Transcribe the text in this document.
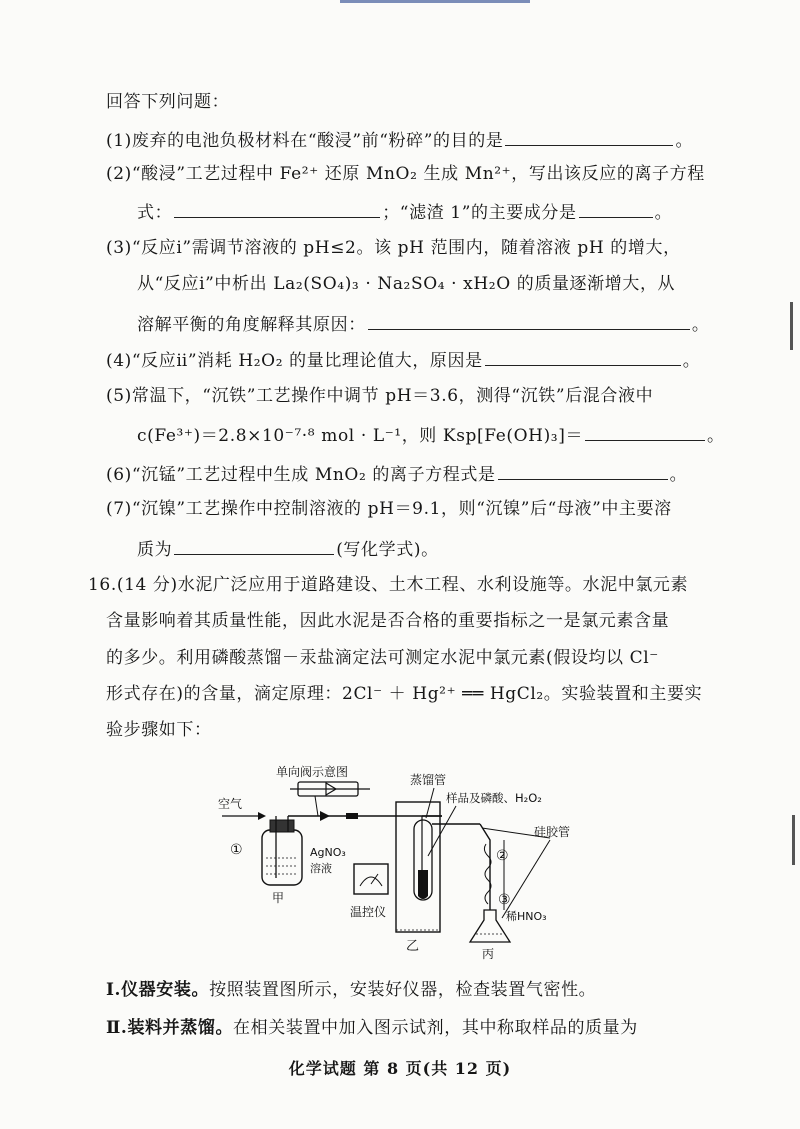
回答下列问题：
(1)废弃的电池负极材料在“酸浸”前“粉碎”的目的是	。
(2)“酸浸”工艺过程中 Fe²⁺ 还原 MnO₂ 生成 Mn²⁺，写出该反应的离子方程
式：	；“滤渣 1”的主要成分是	。
(3)“反应ⅰ”需调节溶液的 pH≤2。该 pH 范围内，随着溶液 pH 的增大，
从“反应ⅰ”中析出 La₂(SO₄)₃ · Na₂SO₄ · xH₂O 的质量逐渐增大，从
溶解平衡的角度解释其原因：	。
(4)“反应ⅱ”消耗 H₂O₂ 的量比理论值大，原因是	。
(5)常温下，“沉铁”工艺操作中调节 pH＝3.6，测得“沉铁”后混合液中
c(Fe³⁺)＝2.8×10⁻⁷·⁸ mol · L⁻¹，则 Ksp[Fe(OH)₃]＝	。
(6)“沉锰”工艺过程中生成 MnO₂ 的离子方程式是	。
(7)“沉镍”工艺操作中控制溶液的 pH＝9.1，则“沉镍”后“母液”中主要溶
质为	(写化学式)。
16.(14 分)水泥广泛应用于道路建设、土木工程、水利设施等。水泥中氯元素
含量影响着其质量性能，因此水泥是否合格的重要指标之一是氯元素含量
的多少。利用磷酸蒸馏－汞盐滴定法可测定水泥中氯元素(假设均以 Cl⁻
形式存在)的含量，滴定原理：2Cl⁻ ＋ Hg²⁺ ══ HgCl₂。实验装置和主要实
验步骤如下：
单向阀示意图
空气
①	AgNO₃
溶液
甲
蒸馏管
样品及磷酸、H₂O₂
乙
温控仪
硅胶管
②
③
稀HNO₃
丙
Ⅰ.仪器安装。按照装置图所示，安装好仪器，检查装置气密性。
Ⅱ.装料并蒸馏。在相关装置中加入图示试剂，其中称取样品的质量为
化学试题 第 8 页(共 12 页)
